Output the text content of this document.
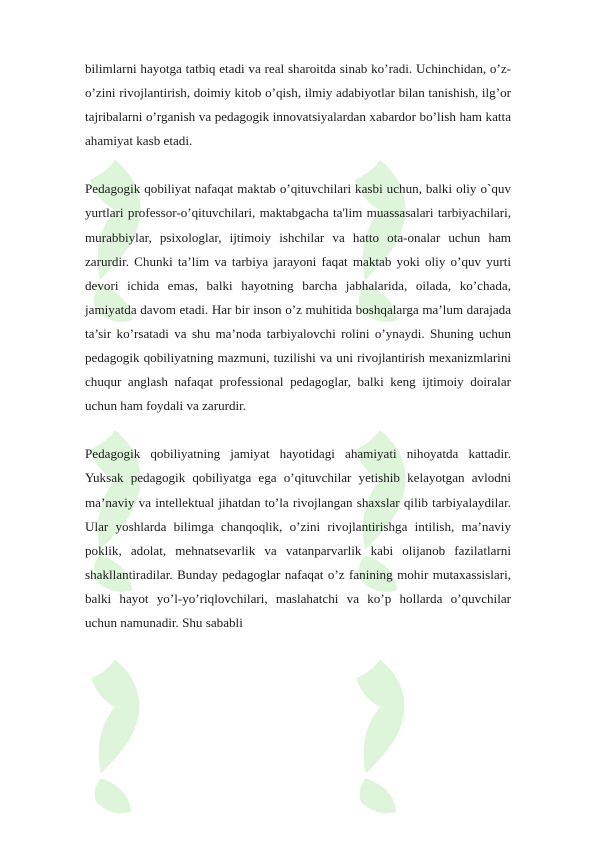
bilimlarni hayotga tatbiq etadi va real sharoitda sinab ko’radi. Uchinchidan, o’z-o’zini rivojlantirish, doimiy kitob o’qish, ilmiy adabiyotlar bilan tanishish, ilg’or tajribalarni o’rganish va pedagogik innovatsiyalardan xabardor bo’lish ham katta ahamiyat kasb etadi.

Pedagogik qobiliyat nafaqat maktab o’qituvchilari kasbi uchun, balki oliy o`quv yurtlari professor-o’qituvchilari, maktabgacha ta'lim muassasalari tarbiyachilari, murabbiylar, psixologlar, ijtimoiy ishchilar va hatto ota-onalar uchun ham zarurdir. Chunki ta’lim va tarbiya jarayoni faqat maktab yoki oliy o’quv yurti devori ichida emas, balki hayotning barcha jabhalarida, oilada, ko’chada, jamiyatda davom etadi. Har bir inson o’z muhitida boshqalarga ma’lum darajada ta’sir ko’rsatadi va shu ma’noda tarbiyalovchi rolini o’ynaydi. Shuning uchun pedagogik qobiliyatning mazmuni, tuzilishi va uni rivojlantirish mexanizmlarini chuqur anglash nafaqat professional pedagoglar, balki keng ijtimoiy doiralar uchun ham foydali va zarurdir.

Pedagogik qobiliyatning jamiyat hayotidagi ahamiyati nihoyatda kattadir. Yuksak pedagogik qobiliyatga ega o’qituvchilar yetishib kelayotgan avlodni ma’naviy va intellektual jihatdan to’la rivojlangan shaxslar qilib tarbiyalaydilar. Ular yoshlarda bilimga chanqoqlik, o’zini rivojlantirishga intilish, ma’naviy poklik, adolat, mehnatsevarlik va vatanparvarlik kabi olijanob fazilatlarni shakllantiradilar. Bunday pedagoglar nafaqat o’z fanining mohir mutaxassislari, balki hayot yo’l-yo’riqlovchilari, maslahatchi va ko’p hollarda o’quvchilar uchun namunadir. Shu sababli
